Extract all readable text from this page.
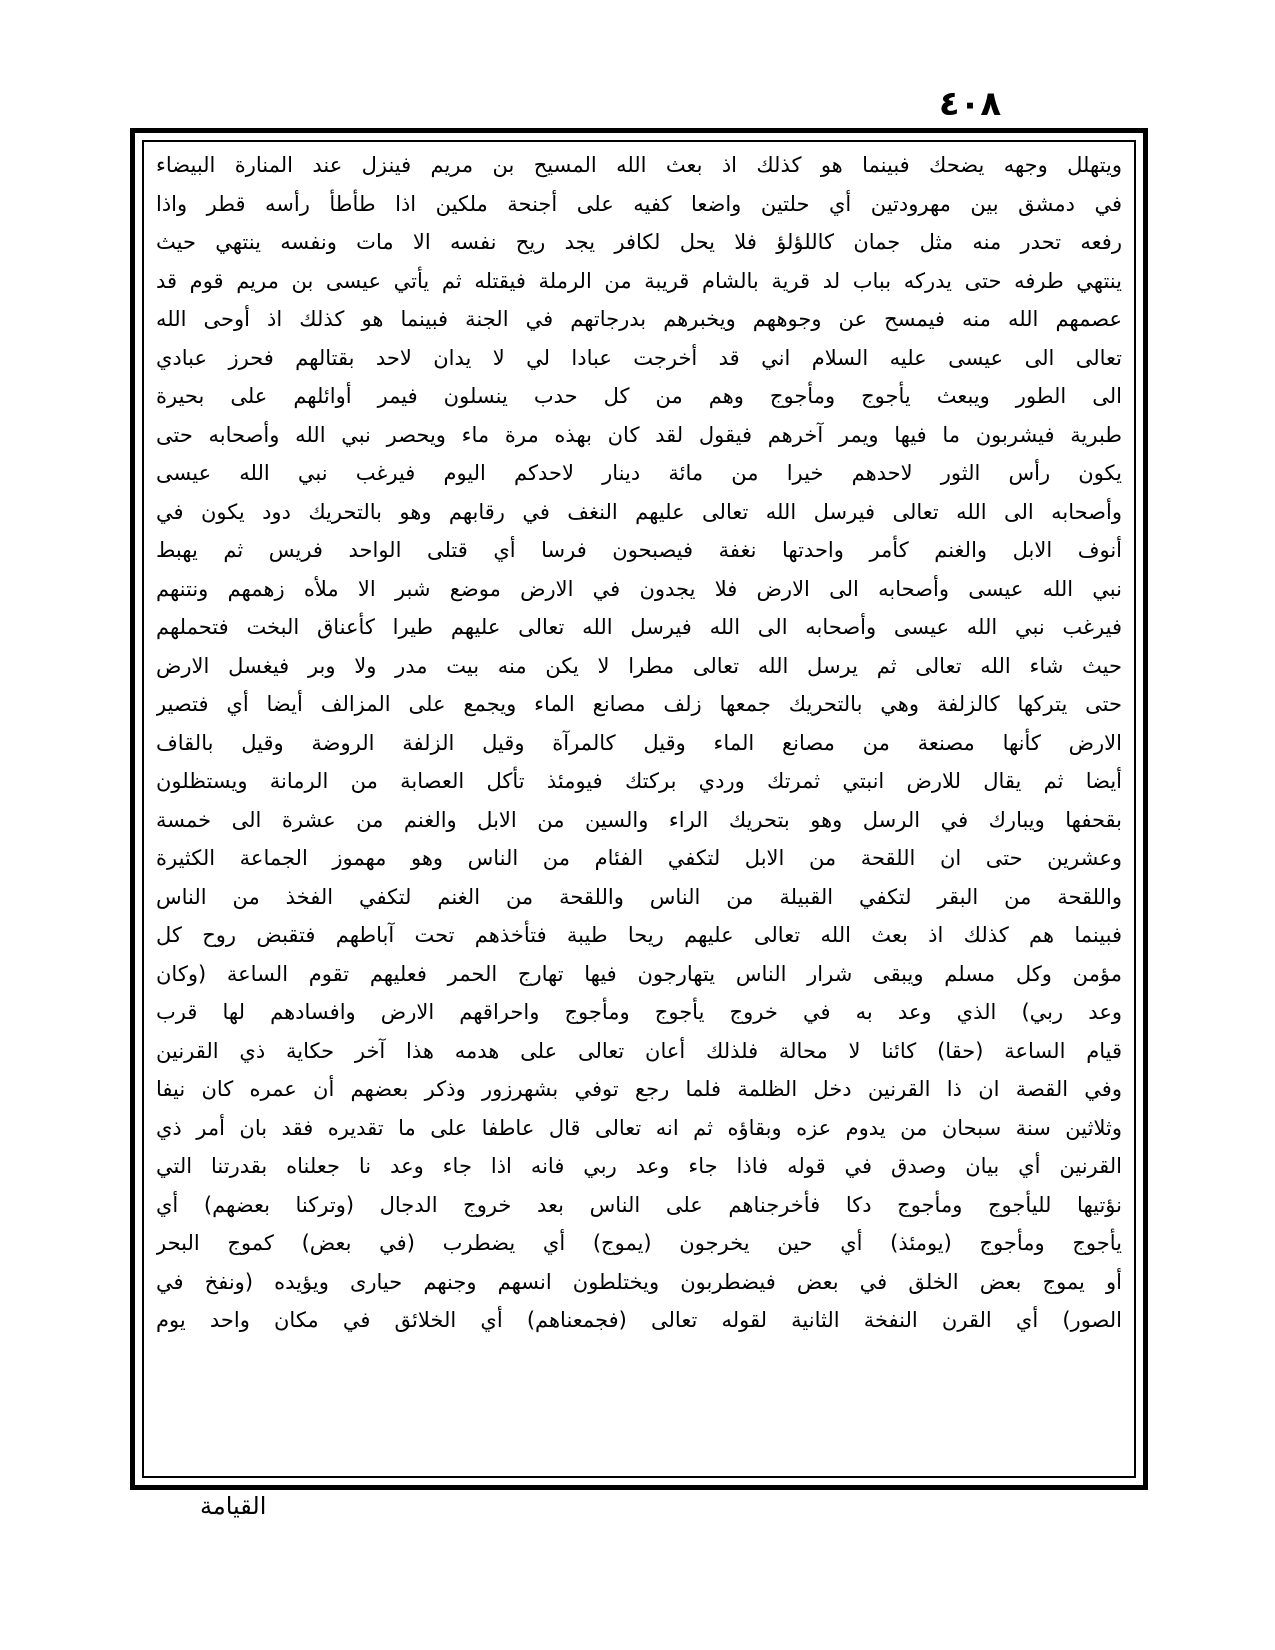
٤٠٨
ويتهلل وجهه يضحك فبينما هو كذلك اذ بعث الله المسيح بن مريم فينزل عند المنارة البيضاء
في دمشق بين مهرودتين أي حلتين واضعا كفيه على أجنحة ملكين اذا طأطأ رأسه قطر واذا
رفعه تحدر منه مثل جمان كاللؤلؤ فلا يحل لكافر يجد ريح نفسه الا مات ونفسه ينتهي حيث
ينتهي طرفه حتى يدركه بباب لد قرية بالشام قريبة من الرملة فيقتله ثم يأتي عيسى بن مريم قوم قد
عصمهم الله منه فيمسح عن وجوههم ويخبرهم بدرجاتهم في الجنة فبينما هو كذلك اذ أوحى الله
تعالى الى عيسى عليه السلام اني قد أخرجت عبادا لي لا يدان لاحد بقتالهم فحرز عبادي
الى الطور ويبعث يأجوج ومأجوج وهم من كل حدب ينسلون فيمر أوائلهم على بحيرة
طبرية فيشربون ما فيها ويمر آخرهم فيقول لقد كان بهذه مرة ماء ويحصر نبي الله وأصحابه حتى
يكون رأس الثور لاحدهم خيرا من مائة دينار لاحدكم اليوم فيرغب نبي الله عيسى
وأصحابه الى الله تعالى فيرسل الله تعالى عليهم النغف في رقابهم وهو بالتحريك دود يكون في
أنوف الابل والغنم كأمر واحدتها نغفة فيصبحون فرسا أي قتلى الواحد فريس ثم يهبط
نبي الله عيسى وأصحابه الى الارض فلا يجدون في الارض موضع شبر الا ملأه زهمهم ونتنهم
فيرغب نبي الله عيسى وأصحابه الى الله فيرسل الله تعالى عليهم طيرا كأعناق البخت فتحملهم
حيث شاء الله تعالى ثم يرسل الله تعالى مطرا لا يكن منه بيت مدر ولا وبر فيغسل الارض
حتى يتركها كالزلفة وهي بالتحريك جمعها زلف مصانع الماء ويجمع على المزالف أيضا أي فتصير
الارض كأنها مصنعة من مصانع الماء وقيل كالمرآة وقيل الزلفة الروضة وقيل بالقاف
أيضا ثم يقال للارض انبتي ثمرتك وردي بركتك فيومئذ تأكل العصابة من الرمانة ويستظلون
بقحفها ويبارك في الرسل وهو بتحريك الراء والسين من الابل والغنم من عشرة الى خمسة
وعشرين حتى ان اللقحة من الابل لتكفي الفئام من الناس وهو مهموز الجماعة الكثيرة
واللقحة من البقر لتكفي القبيلة من الناس واللقحة من الغنم لتكفي الفخذ من الناس
فبينما هم كذلك اذ بعث الله تعالى عليهم ريحا طيبة فتأخذهم تحت آباطهم فتقبض روح كل
مؤمن وكل مسلم ويبقى شرار الناس يتهارجون فيها تهارج الحمر فعليهم تقوم الساعة (وكان
وعد ربي) الذي وعد به في خروج يأجوج ومأجوج واحراقهم الارض وافسادهم لها قرب
قيام الساعة (حقا) كائنا لا محالة فلذلك أعان تعالى على هدمه هذا آخر حكاية ذي القرنين
وفي القصة ان ذا القرنين دخل الظلمة فلما رجع توفي بشهرزور وذكر بعضهم أن عمره كان نيفا
وثلاثين سنة سبحان من يدوم عزه وبقاؤه ثم انه تعالى قال عاطفا على ما تقديره فقد بان أمر ذي
القرنين أي بيان وصدق في قوله فاذا جاء وعد ربي فانه اذا جاء وعد نا جعلناه بقدرتنا التي
نؤتيها لليأجوج ومأجوج دكا فأخرجناهم على الناس بعد خروج الدجال (وتركنا بعضهم) أي
يأجوج ومأجوج (يومئذ) أي حين يخرجون (يموج) أي يضطرب (في بعض) كموج البحر
أو يموج بعض الخلق في بعض فيضطربون ويختلطون انسهم وجنهم حيارى ويؤيده (ونفخ في
الصور) أي القرن النفخة الثانية لقوله تعالى (فجمعناهم) أي الخلائق في مكان واحد يوم
القيامة
